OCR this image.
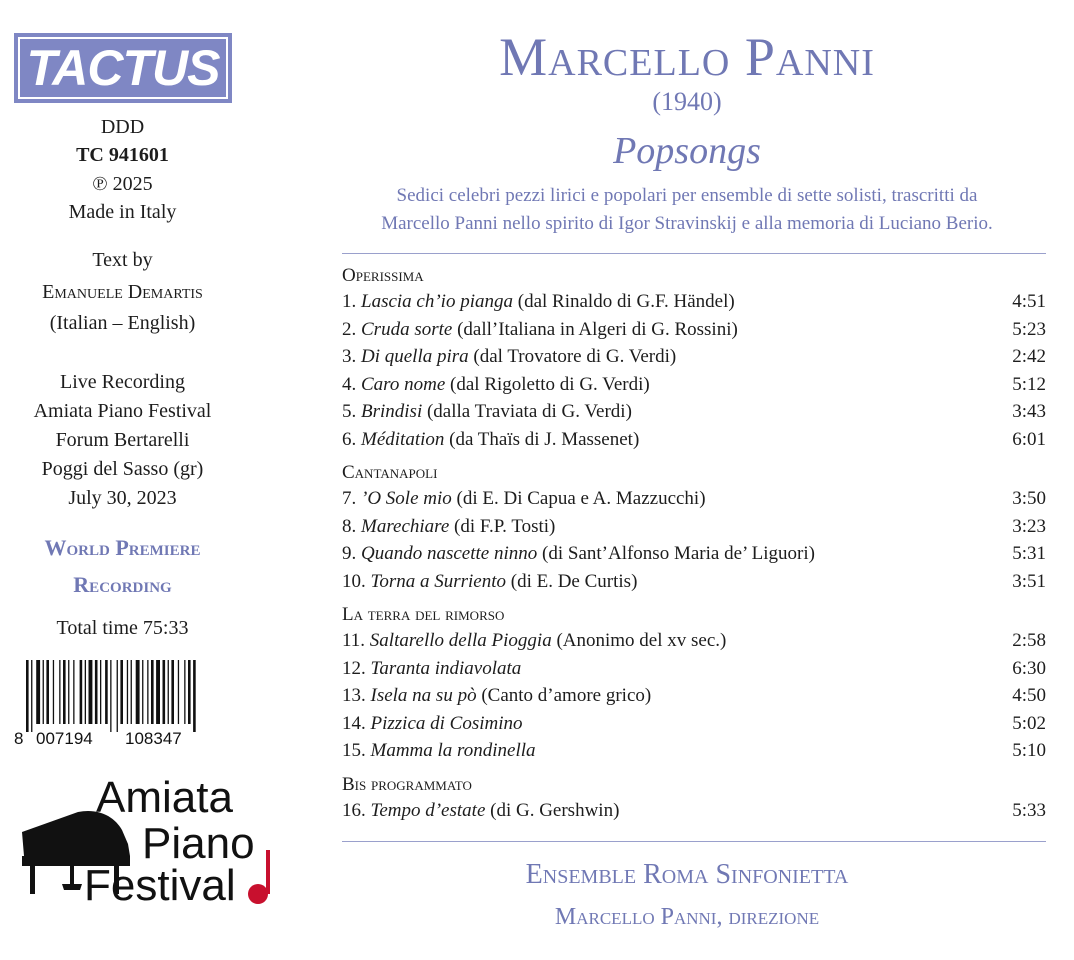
TACTUS
DDD
TC 941601
℗ 2025
Made in Italy
Text by
Emanuele Demartis
(Italian – English)
Live Recording
Amiata Piano Festival
Forum Bertarelli
Poggi del Sasso (gr)
July 30, 2023
World Premiere
Recording
Total time 75:33
8 007194 108347
Amiata
Piano
Festival
Marcello Panni
(1940)
Popsongs
Sedici celebri pezzi lirici e popolari per ensemble di sette solisti, trascritti da
Marcello Panni nello spirito di Igor Stravinskij e alla memoria di Luciano Berio.
Operissima
1. Lascia ch’io pianga (dal Rinaldo di G.F. Händel)	4:51
2. Cruda sorte (dall’Italiana in Algeri di G. Rossini)	5:23
3. Di quella pira (dal Trovatore di G. Verdi)	2:42
4. Caro nome (dal Rigoletto di G. Verdi)	5:12
5. Brindisi (dalla Traviata di G. Verdi)	3:43
6. Méditation (da Thaïs di J. Massenet)	6:01
Cantanapoli
7. ’O Sole mio (di E. Di Capua e A. Mazzucchi)	3:50
8. Marechiare (di F.P. Tosti)	3:23
9. Quando nascette ninno (di Sant’Alfonso Maria de’ Liguori)	5:31
10. Torna a Surriento (di E. De Curtis)	3:51
La terra del rimorso
11. Saltarello della Pioggia (Anonimo del xv sec.)	2:58
12. Taranta indiavolata	6:30
13. Isela na su pò (Canto d’amore grico)	4:50
14. Pizzica di Cosimino	5:02
15. Mamma la rondinella	5:10
Bis programmato
16. Tempo d’estate (di G. Gershwin)	5:33
Ensemble Roma Sinfonietta
Marcello Panni, direzione
